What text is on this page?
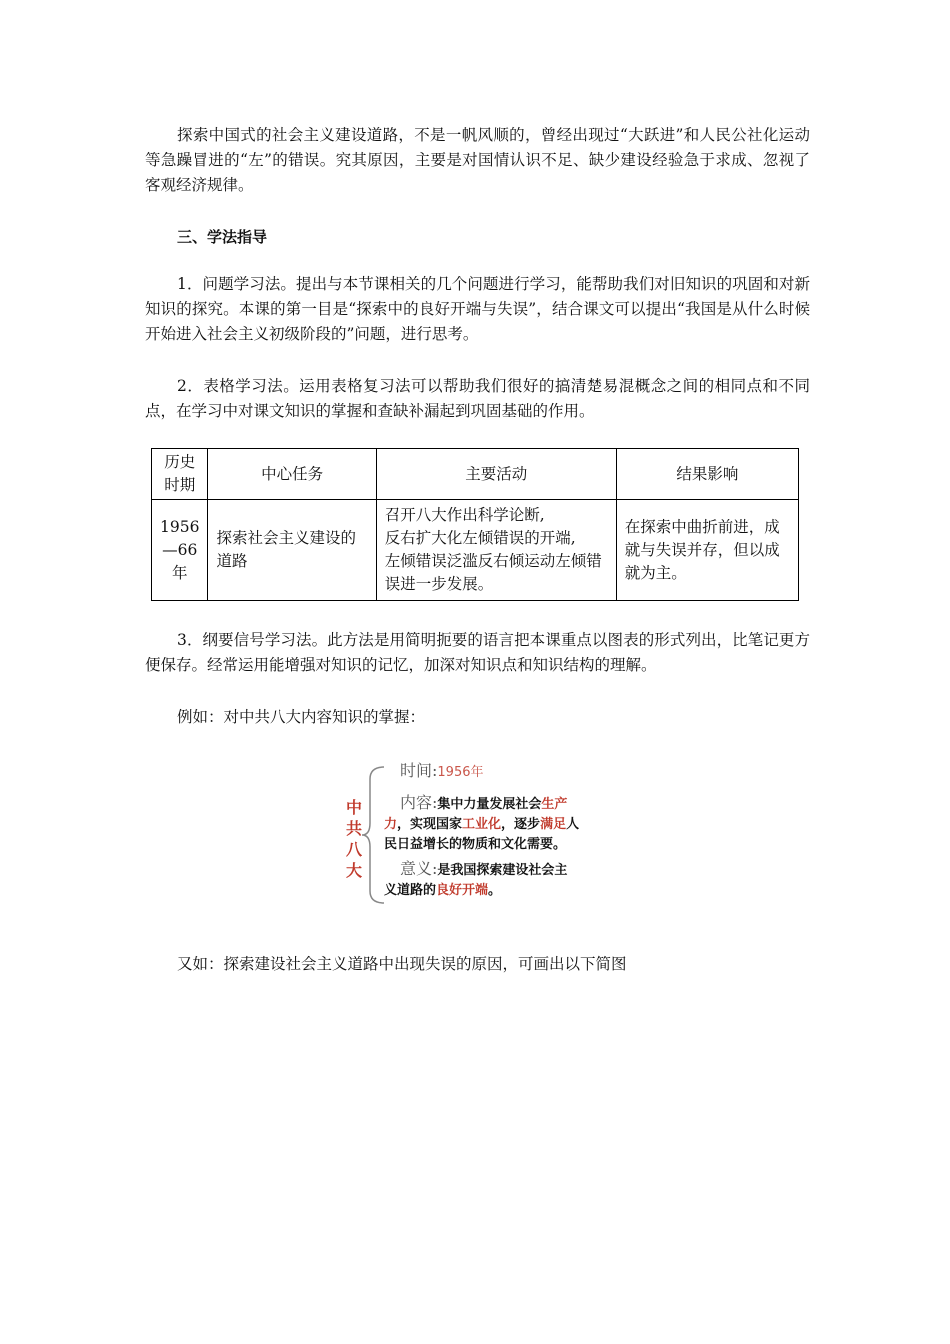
探索中国式的社会主义建设道路，不是一帆风顺的，曾经出现过“大跃进”和人民公社化运动等急躁冒进的“左”的错误。究其原因，主要是对国情认识不足、缺少建设经验急于求成、忽视了客观经济规律。

三、学法指导

1．问题学习法。提出与本节课相关的几个问题进行学习，能帮助我们对旧知识的巩固和对新知识的探究。本课的第一目是“探索中的良好开端与失误”，结合课文可以提出“我国是从什么时候开始进入社会主义初级阶段的”问题，进行思考。

2．表格学习法。运用表格复习法可以帮助我们很好的搞清楚易混概念之间的相同点和不同点，在学习中对课文知识的掌握和查缺补漏起到巩固基础的作用。

历史时期	中心任务	主要活动	结果影响
1956—66年	探索社会主义建设的道路	召开八大作出科学论断,
反右扩大化左倾错误的开端,
左倾错误泛滥反右倾运动左倾错误进一步发展。	在探索中曲折前进，成就与失误并存，但以成就为主。

3．纲要信号学习法。此方法是用简明扼要的语言把本课重点以图表的形式列出，比笔记更方便保存。经常运用能增强对知识的记忆，加深对知识点和知识结构的理解。

例如：对中共八大内容知识的掌握：

中
共
八
大
时间:1956年
内容:集中力量发展社会生产
力，实现国家工业化，逐步满足人
民日益增长的物质和文化需要。
意义:是我国探索建设社会主
义道路的良好开端。

又如：探索建设社会主义道路中出现失误的原因，可画出以下简图
